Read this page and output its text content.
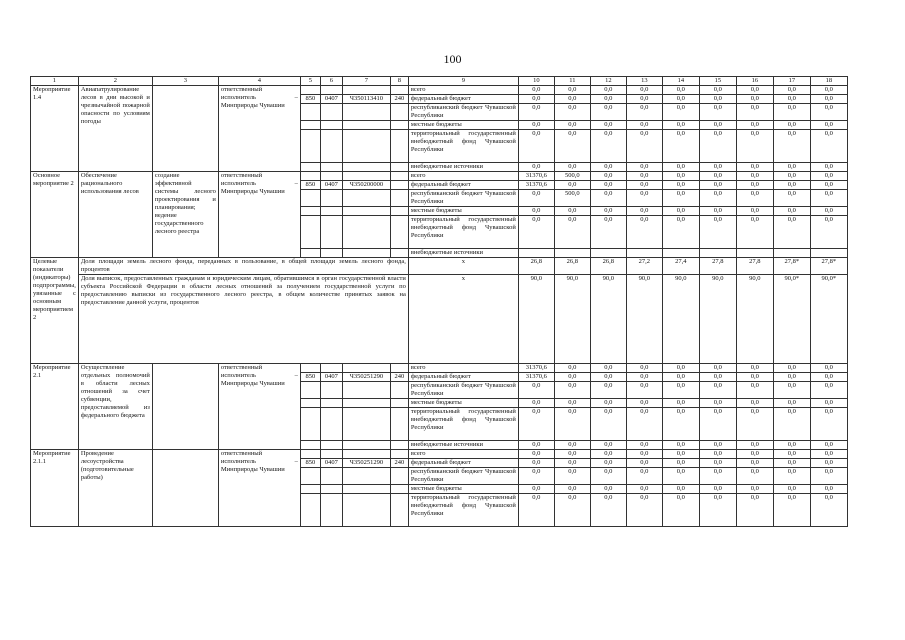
100
1	2	3	4	5	6	7	8	9	10	11	12	13	14	15	16	17	18
Мероприятие 1.4	Авиапатрулирование лесов в дни высокой и чрезвычайной пожарной опасности по условиям погоды		ответственный исполнитель – Минприроды Чувашии					всего	0,0	0,0	0,0	0,0	0,0	0,0	0,0	0,0	0,0
				850	0407	Ч350113410	240	федеральный бюджет	0,0	0,0	0,0	0,0	0,0	0,0	0,0	0,0	0,0
								республиканский бюджет Чувашской Республики	0,0	0,0	0,0	0,0	0,0	0,0	0,0	0,0	0,0
								местные бюджеты	0,0	0,0	0,0	0,0	0,0	0,0	0,0	0,0	0,0
								территориальный государственный внебюджетный фонд Чувашской Республики	0,0	0,0	0,0	0,0	0,0	0,0	0,0	0,0	0,0
								внебюджетные источники	0,0	0,0	0,0	0,0	0,0	0,0	0,0	0,0	0,0
Основное мероприятие 2	Обеспечение рационального использования лесов	создание эффективной системы лесного проектирования и планирования; ведение государственного лесного реестра	ответственный исполнитель – Минприроды Чувашии					всего	31370,6	500,0	0,0	0,0	0,0	0,0	0,0	0,0	0,0
				850	0407	Ч350200000		федеральный бюджет	31370,6	0,0	0,0	0,0	0,0	0,0	0,0	0,0	0,0
								республиканский бюджет Чувашской Республики	0,0	500,0	0,0	0,0	0,0	0,0	0,0	0,0	0,0
								местные бюджеты	0,0	0,0	0,0	0,0	0,0	0,0	0,0	0,0	0,0
								территориальный государственный внебюджетный фонд Чувашской Республики	0,0	0,0	0,0	0,0	0,0	0,0	0,0	0,0	0,0
								внебюджетные источники									
Целевые показатели (индикаторы) подпрограммы, увязанные с основным мероприятием 2	Доля площади земель лесного фонда, переданных в пользование, в общей площади земель лесного фонда, процентов							x	26,8	26,8	26,8	27,2	27,4	27,8	27,8	27,8*	27,8*
	Доля выписок, предоставленных гражданам и юридическим лицам, обратившимся в орган государственной власти субъекта Российской Федерации в области лесных отношений за получением государственной услуги по предоставлению выписки из государственного лесного реестра, в общем количестве принятых заявок на предоставление данной услуги, процентов							x	90,0	90,0	90,0	90,0	90,0	90,0	90,0	90,0*	90,0*
Мероприятие 2.1	Осуществление отдельных полномочий в области лесных отношений за счет субвенции, предоставляемой из федерального бюджета		ответственный исполнитель – Минприроды Чувашии					всего	31370,6	0,0	0,0	0,0	0,0	0,0	0,0	0,0	0,0
				850	0407	Ч350251290	240	федеральный бюджет	31370,6	0,0	0,0	0,0	0,0	0,0	0,0	0,0	0,0
								республиканский бюджет Чувашской Республики	0,0	0,0	0,0	0,0	0,0	0,0	0,0	0,0	0,0
								местные бюджеты	0,0	0,0	0,0	0,0	0,0	0,0	0,0	0,0	0,0
								территориальный государственный внебюджетный фонд Чувашской Республики	0,0	0,0	0,0	0,0	0,0	0,0	0,0	0,0	0,0
								внебюджетные источники	0,0	0,0	0,0	0,0	0,0	0,0	0,0	0,0	0,0
Мероприятие 2.1.1	Проведение лесоустройства (подготовительные работы)		ответственный исполнитель – Минприроды Чувашии					всего	0,0	0,0	0,0	0,0	0,0	0,0	0,0	0,0	0,0
				850	0407	Ч350251290	240	федеральный бюджет	0,0	0,0	0,0	0,0	0,0	0,0	0,0	0,0	0,0
								республиканский бюджет Чувашской Республики	0,0	0,0	0,0	0,0	0,0	0,0	0,0	0,0	0,0
								местные бюджеты	0,0	0,0	0,0	0,0	0,0	0,0	0,0	0,0	0,0
								территориальный государственный внебюджетный фонд Чувашской Республики	0,0	0,0	0,0	0,0	0,0	0,0	0,0	0,0	0,0
